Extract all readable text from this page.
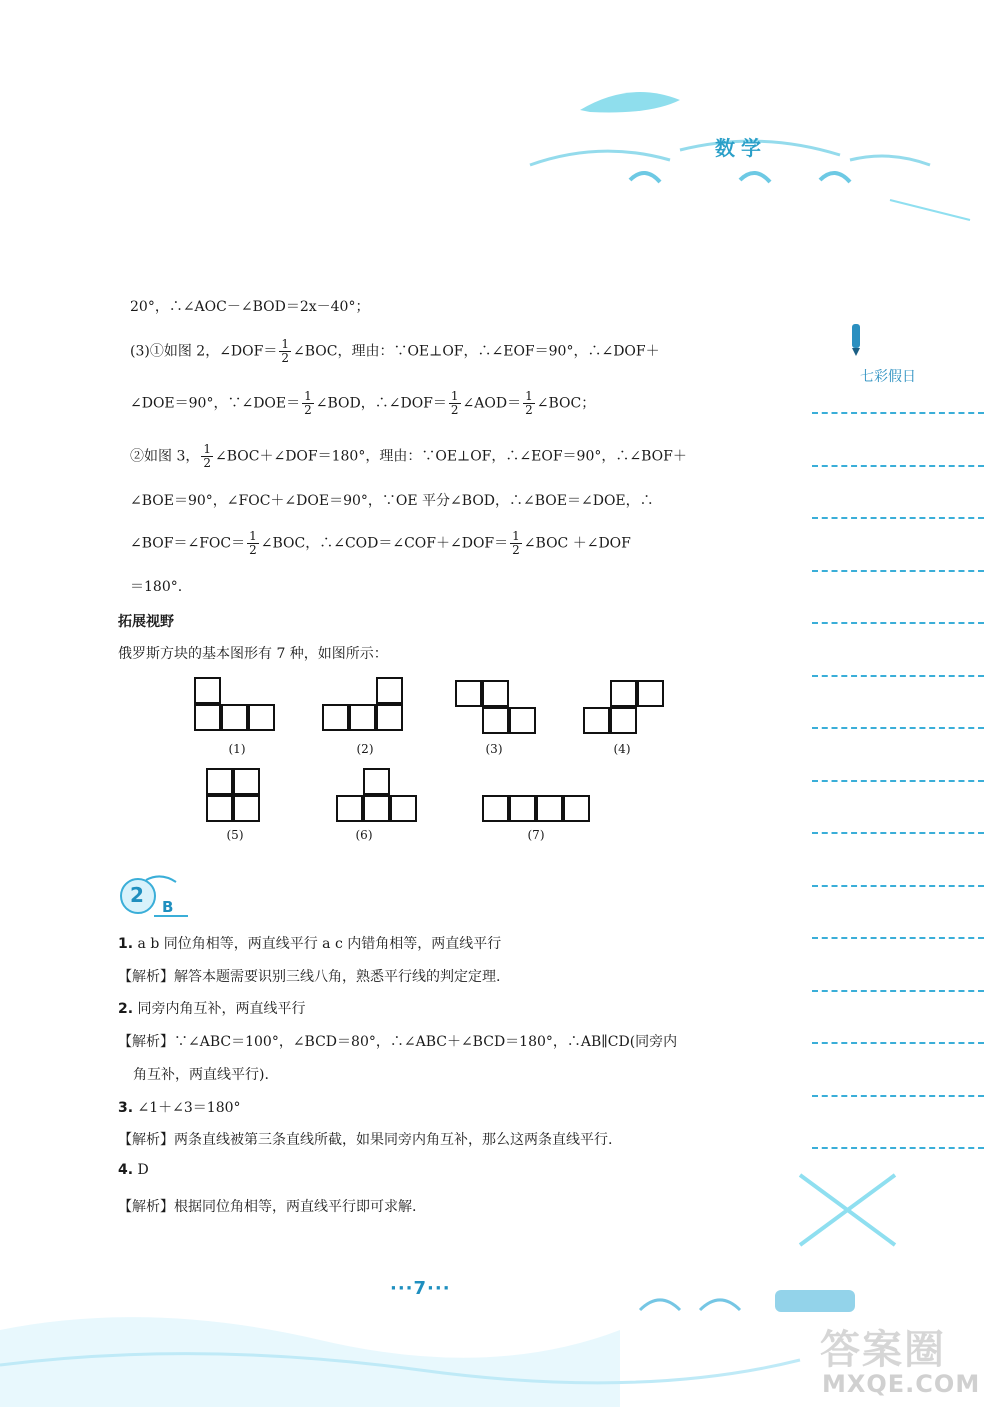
数学
七彩假日
20°，∴∠AOC－∠BOD＝2x－40°；
(3)①如图 2，∠DOF＝ $\frac{1}{2}$ ∠BOC，理由：∵OE⊥OF，∴∠EOF＝90°，∴∠DOF＋
∠DOE＝90°，∵∠DOE＝ $\frac{1}{2}$ ∠BOD，∴∠DOF＝ $\frac{1}{2}$ ∠AOD＝ $\frac{1}{2}$ ∠BOC；
②如图 3， $\frac{1}{2}$ ∠BOC＋∠DOF＝180°，理由：∵OE⊥OF，∴∠EOF＝90°，∴∠BOF＋
∠BOE＝90°，∠FOC＋∠DOE＝90°，∵OE 平分∠BOD，∴∠BOE＝∠DOE，∴
∠BOF＝∠FOC＝ $\frac{1}{2}$ ∠BOC，∴∠COD＝∠COF＋∠DOF＝ $\frac{1}{2}$ ∠BOC ＋∠DOF
＝180°.
拓展视野
俄罗斯方块的基本图形有 7 种，如图所示：
(1)	(2)	(3)	(4)
(5)	(6)	(7)
2 B
1. a b 同位角相等，两直线平行 a c 内错角相等，两直线平行
【解析】解答本题需要识别三线八角，熟悉平行线的判定定理.
2. 同旁内角互补，两直线平行
【解析】∵∠ABC＝100°，∠BCD＝80°，∴∠ABC＋∠BCD＝180°，∴AB∥CD(同旁内
角互补，两直线平行).
3. ∠1＋∠3＝180°
【解析】两条直线被第三条直线所截，如果同旁内角互补，那么这两条直线平行.
4. D
【解析】根据同位角相等，两直线平行即可求解.
···7···
答案圈
MXQE.COM
